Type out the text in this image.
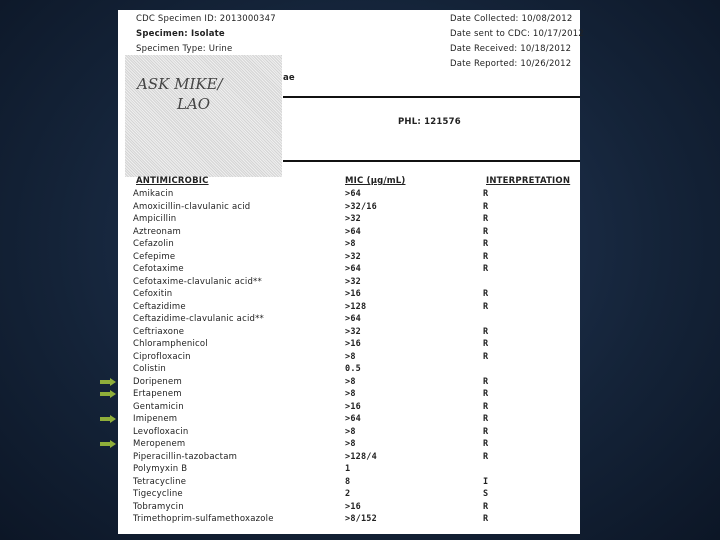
CDC Specimen ID: 2013000347
Specimen: Isolate
Specimen Type: Urine
Date Collected: 10/08/2012
Date sent to CDC: 10/17/2012
Date Received: 10/18/2012
Date Reported: 10/26/2012
ae
PHL: 121576
ASK MIKE/
LAO
ANTIMICROBIC	MIC (µg/mL)	INTERPRETATION
Amikacin	>64	R
Amoxicillin-clavulanic acid	>32/16	R
Ampicillin	>32	R
Aztreonam	>64	R
Cefazolin	>8	R
Cefepime	>32	R
Cefotaxime	>64	R
Cefotaxime-clavulanic acid**	>32
Cefoxitin	>16	R
Ceftazidime	>128	R
Ceftazidime-clavulanic acid**	>64
Ceftriaxone	>32	R
Chloramphenicol	>16	R
Ciprofloxacin	>8	R
Colistin	0.5
Doripenem	>8	R
Ertapenem	>8	R
Gentamicin	>16	R
Imipenem	>64	R
Levofloxacin	>8	R
Meropenem	>8	R
Piperacillin-tazobactam	>128/4	R
Polymyxin B	1
Tetracycline	8	I
Tigecycline	2	S
Tobramycin	>16	R
Trimethoprim-sulfamethoxazole	>8/152	R
